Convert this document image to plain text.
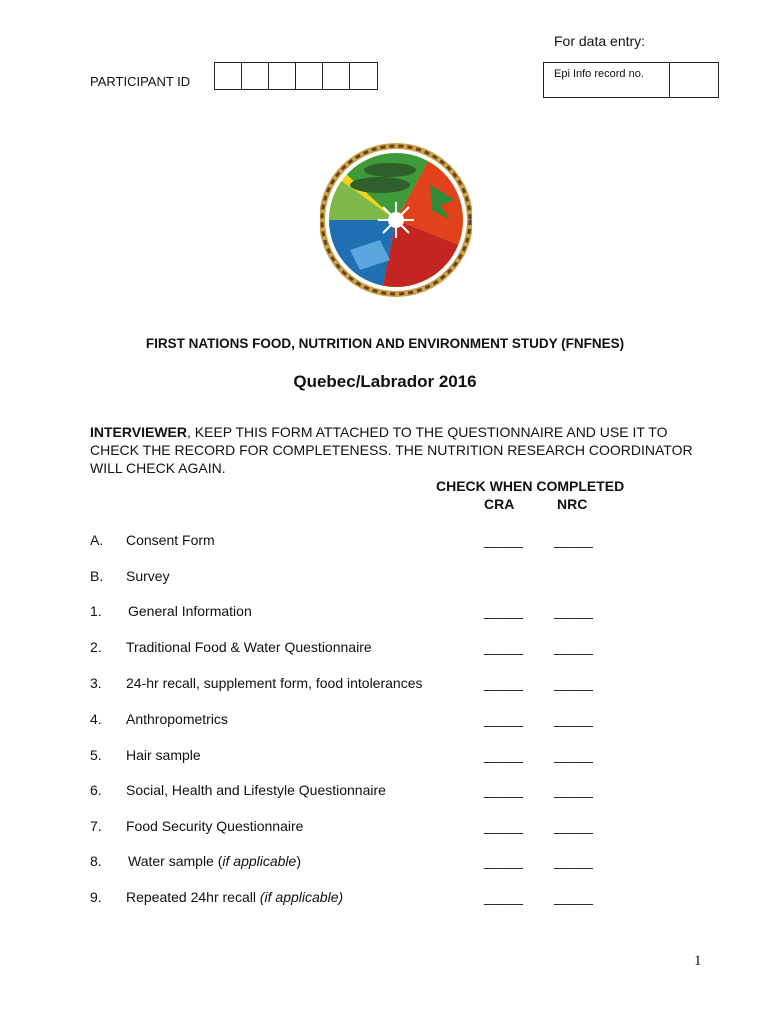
For data entry:
Epi Info record no.
PARTICIPANT ID
FIRST NATIONS FOOD, NUTRITION AND ENVIRONMENT STUDY (FNFNES)
Quebec/Labrador 2016
INTERVIEWER, KEEP THIS FORM ATTACHED TO THE QUESTIONNAIRE AND USE IT TO CHECK THE RECORD FOR COMPLETENESS. THE NUTRITION RESEARCH COORDINATOR WILL CHECK AGAIN.
CHECK WHEN COMPLETED
CRA	NRC
A. Consent Form	_____ _____
B. Survey
1. General Information	_____ _____
2. Traditional Food & Water Questionnaire	_____ _____
3. 24-hr recall, supplement form, food intolerances	_____ _____
4. Anthropometrics	_____ _____
5. Hair sample	_____ _____
6. Social, Health and Lifestyle Questionnaire	_____ _____
7. Food Security Questionnaire	_____ _____
8. Water sample (if applicable)	_____ _____
9. Repeated 24hr recall (if applicable)	_____ _____
1
